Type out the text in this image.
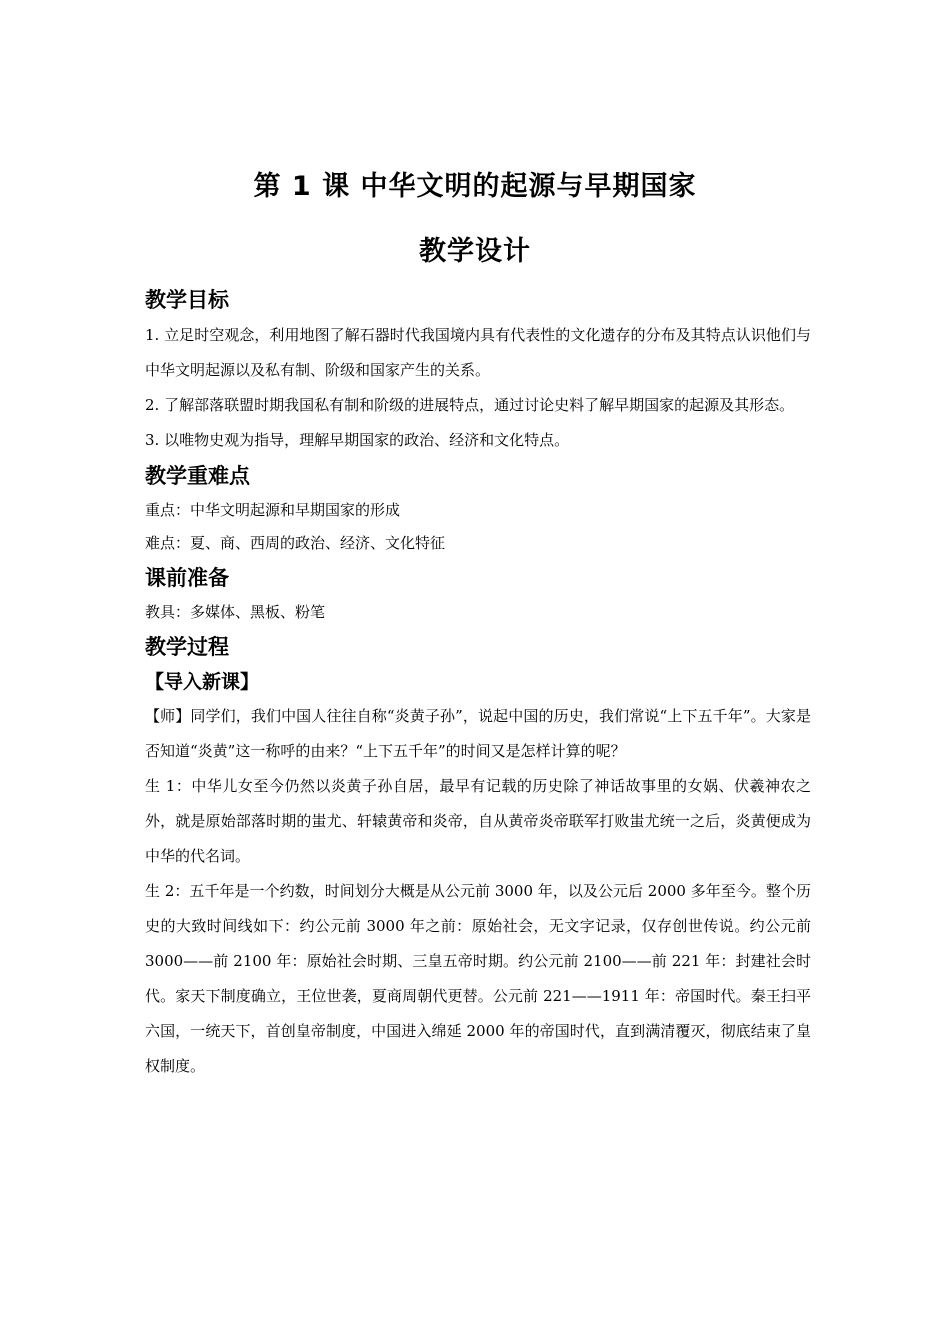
第 1 课 中华文明的起源与早期国家
教学设计
教学目标

1. 立足时空观念，利用地图了解石器时代我国境内具有代表性的文化遗存的分布及其特点认识他们与中华文明起源以及私有制、阶级和国家产生的关系。

2. 了解部落联盟时期我国私有制和阶级的进展特点，通过讨论史料了解早期国家的起源及其形态。

3. 以唯物史观为指导，理解早期国家的政治、经济和文化特点。

教学重难点

重点：中华文明起源和早期国家的形成

难点：夏、商、西周的政治、经济、文化特征

课前准备

教具：多媒体、黑板、粉笔

教学过程
【导入新课】

【师】同学们，我们中国人往往自称“炎黄子孙”，说起中国的历史，我们常说“上下五千年”。大家是否知道“炎黄”这一称呼的由来？“上下五千年”的时间又是怎样计算的呢？

生 1：中华儿女至今仍然以炎黄子孙自居，最早有记载的历史除了神话故事里的女娲、伏羲神农之外，就是原始部落时期的蚩尤、轩辕黄帝和炎帝，自从黄帝炎帝联军打败蚩尤统一之后，炎黄便成为中华的代名词。

生 2：五千年是一个约数，时间划分大概是从公元前 3000 年，以及公元后 2000 多年至今。整个历史的大致时间线如下：约公元前 3000 年之前：原始社会，无文字记录，仅存创世传说。约公元前 3000——前 2100 年：原始社会时期、三皇五帝时期。约公元前 2100——前 221 年：封建社会时代。家天下制度确立，王位世袭，夏商周朝代更替。公元前 221——1911 年：帝国时代。秦王扫平六国，一统天下，首创皇帝制度，中国进入绵延 2000 年的帝国时代，直到满清覆灭，彻底结束了皇权制度。
